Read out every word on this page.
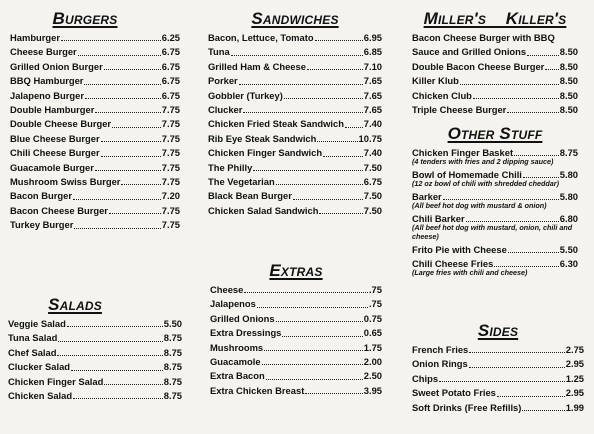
Burgers
Hamburger	6.25
Cheese Burger	6.75
Grilled Onion Burger	6.75
BBQ Hamburger	6.75
Jalapeno Burger	6.75
Double Hamburger	7.75
Double Cheese Burger	7.75
Blue Cheese Burger	7.75
Chili Cheese Burger	7.75
Guacamole Burger	7.75
Mushroom Swiss Burger	7.75
Bacon Burger	7.20
Bacon Cheese Burger	7.75
Turkey Burger	7.75
Sandwiches
Bacon, Lettuce, Tomato	6.95
Tuna	6.85
Grilled Ham & Cheese	7.10
Porker	7.65
Gobbler (Turkey)	7.65
Clucker	7.65
Chicken Fried Steak Sandwich 7.40
Rib Eye Steak Sandwich	10.75
Chicken Finger Sandwich	7.40
The Philly	7.50
The Vegetarian	6.75
Black Bean Burger	7.50
Chicken Salad Sandwich	7.50
Miller's    Killer's
Bacon Cheese Burger with BBQ
Sauce and Grilled Onions	8.50
Double Bacon Cheese Burger 8.50
Killer Klub	8.50
Chicken Club	8.50
Triple Cheese Burger	8.50
Other Stuff
Chicken Finger Basket	8.75
(4 tenders with fries and 2 dipping sauce)
Bowl of Homemade Chili	5.80
(12 oz bowl of chili with shredded cheddar)
Barker	5.80
(All beef hot dog with mustard & onion)
Chili Barker	6.80
(All beef hot dog with mustard, onion, chili and cheese)
Frito Pie with Cheese	5.50
Chili Cheese Fries	6.30
(Large fries with chili and cheese)
Extras
Cheese	.75
Jalapenos	.75
Grilled Onions	0.75
Extra Dressings	0.65
Mushrooms	1.75
Guacamole	2.00
Extra Bacon	2.50
Extra Chicken Breast	3.95
Salads
Veggie Salad	5.50
Tuna Salad	8.75
Chef Salad	8.75
Clucker Salad	8.75
Chicken Finger Salad	8.75
Chicken Salad	8.75
Sides
French Fries	2.75
Onion Rings	2.95
Chips	1.25
Sweet Potato Fries	2.95
Soft Drinks (Free Refills)	1.99
